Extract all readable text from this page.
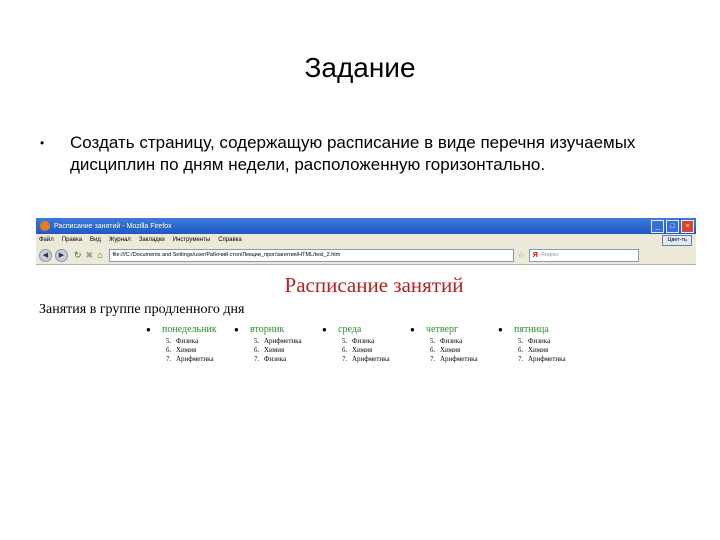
Задание
•	Создать страницу, содержащую расписание в виде перечня изучаемых дисциплин по дням недели, расположенную горизонтально.
Расписание занятий - Mozilla Firefox	_	□	×
Файл Правка Вид Журнал Закладки Инструменты Справка	Цвет-ть
◀	▶	↻ ✖ ⌂	file:///C:/Documents and Settings/user/Рабочий стол/Лекции_прог/занятия/HTML/test_2.htm	☆ Я Яндекс
Расписание занятий
Занятия в группе продленного дня
●	понедельник
5. Физика
6. Химия
7. Арифметика
●	вторник
5. Арифметика
6. Химия
7. Физика
●	среда
5. Физика
6. Химия
7. Арифметика
●	четверг
5. Физика
6. Химия
7. Арифметика
●	пятница
5. Физика
6. Химия
7. Арифметика
